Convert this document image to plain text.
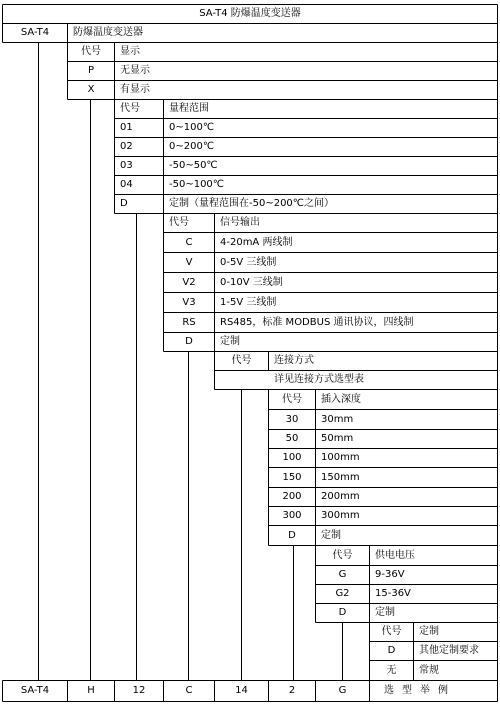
SA-T4 防爆温度变送器
SA-T4	防爆温度变送器
代号	显示
P	无显示
X	有显示
代号	量程范围
01	0~100℃
02	0~200℃
03	-50~50℃
04	-50~100℃
D	定制（量程范围在-50~200℃之间）
代号	信号输出
C	4-20mA 两线制
V	0-5V 三线制
V2	0-10V 三线制
V3	1-5V 三线制
RS	RS485，标准 MODBUS 通讯协议，四线制
D	定制
代号	连接方式
详见连接方式选型表
代号	插入深度
30	30mm
50	50mm
100	100mm
150	150mm
200	200mm
300	300mm
D	定制
代号	供电电压
G	9-36V
G2	15-36V
D	定制
代号	定制
D	其他定制要求
无	常规
SA-T4	H	12	C	14	2	G	选型举例
